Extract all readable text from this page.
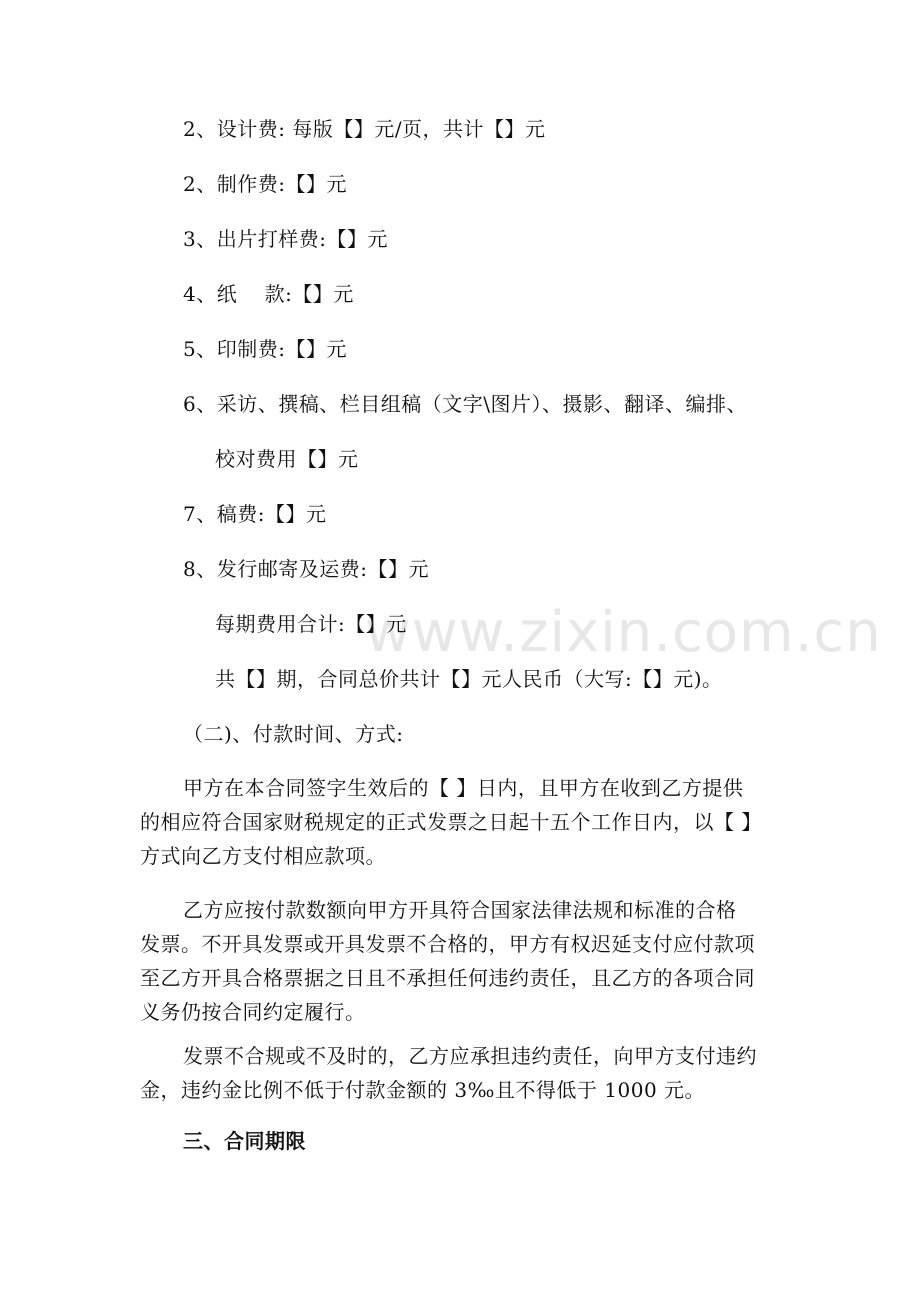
www.zixin.com.cn
2、设计费: 每版【】元/页，共计【】元
2、制作费:【】元
3、出片打样费:【】元
4、纸    款:【】元
5、印制费:【】元
6、采访、撰稿、栏目组稿（文字\图片）、摄影、翻译、编排、
校对费用【】元
7、稿费:【】元
8、发行邮寄及运费:【】元
每期费用合计:【】元
共【】期，合同总价共计【】元人民币（大写:【】元)。
（二)、付款时间、方式:
甲方在本合同签字生效后的【 】日内，且甲方在收到乙方提供
的相应符合国家财税规定的正式发票之日起十五个工作日内，以【 】
方式向乙方支付相应款项。
乙方应按付款数额向甲方开具符合国家法律法规和标准的合格
发票。不开具发票或开具发票不合格的，甲方有权迟延支付应付款项
至乙方开具合格票据之日且不承担任何违约责任，且乙方的各项合同
义务仍按合同约定履行。
发票不合规或不及时的，乙方应承担违约责任，向甲方支付违约
金，违约金比例不低于付款金额的 3‰且不得低于 1000 元。
三、合同期限
